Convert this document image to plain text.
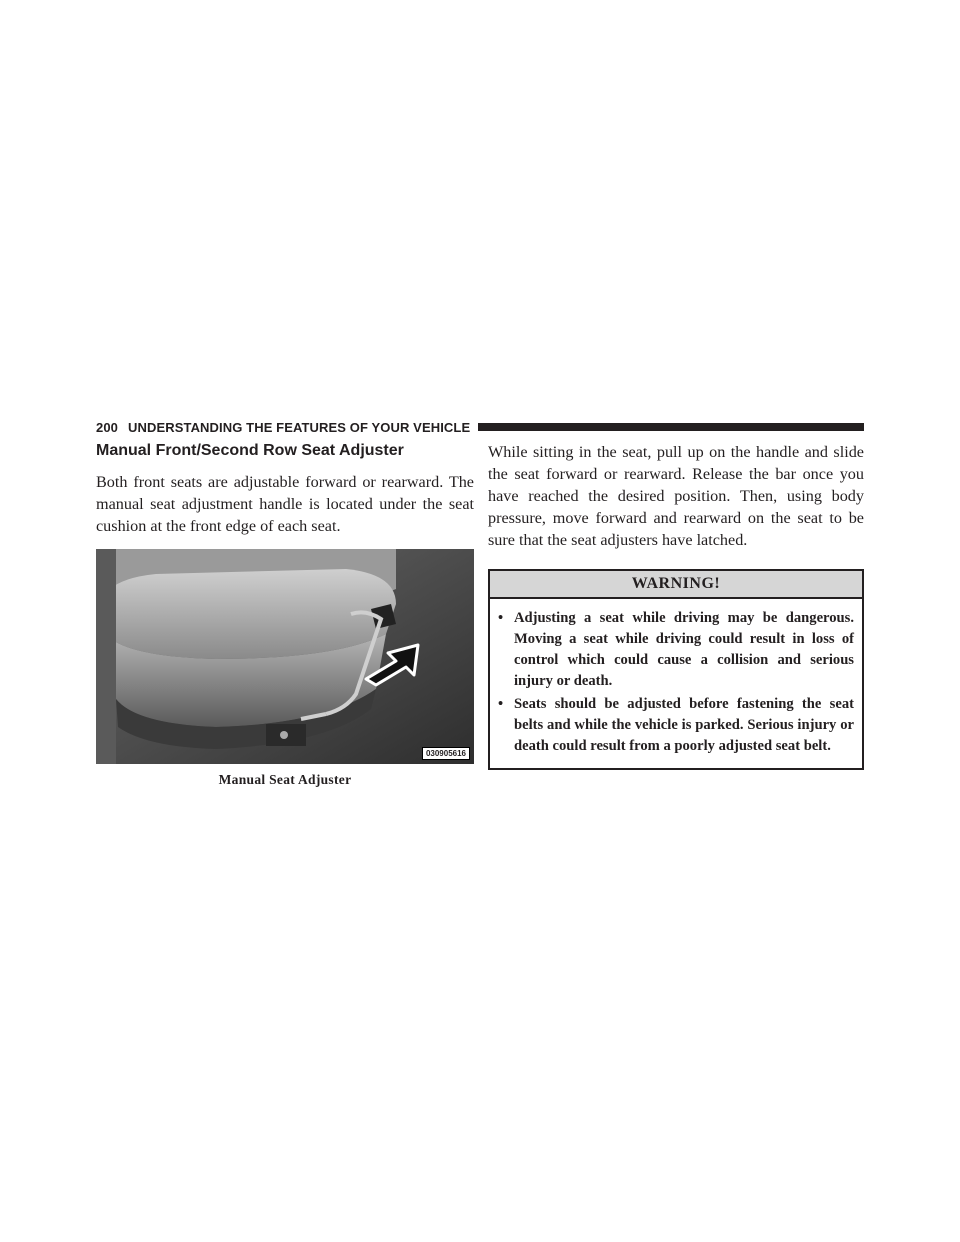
200 UNDERSTANDING THE FEATURES OF YOUR VEHICLE
Manual Front/Second Row Seat Adjuster

Both front seats are adjustable forward or rearward. The manual seat adjustment handle is located under the seat cushion at the front edge of each seat.

030905616
Manual Seat Adjuster

While sitting in the seat, pull up on the handle and slide the seat forward or rearward. Release the bar once you have reached the desired position. Then, using body pressure, move forward and rearward on the seat to be sure that the seat adjusters have latched.

WARNING!
• Adjusting a seat while driving may be dangerous. Moving a seat while driving could result in loss of control which could cause a collision and serious injury or death.
• Seats should be adjusted before fastening the seat belts and while the vehicle is parked. Serious injury or death could result from a poorly adjusted seat belt.
